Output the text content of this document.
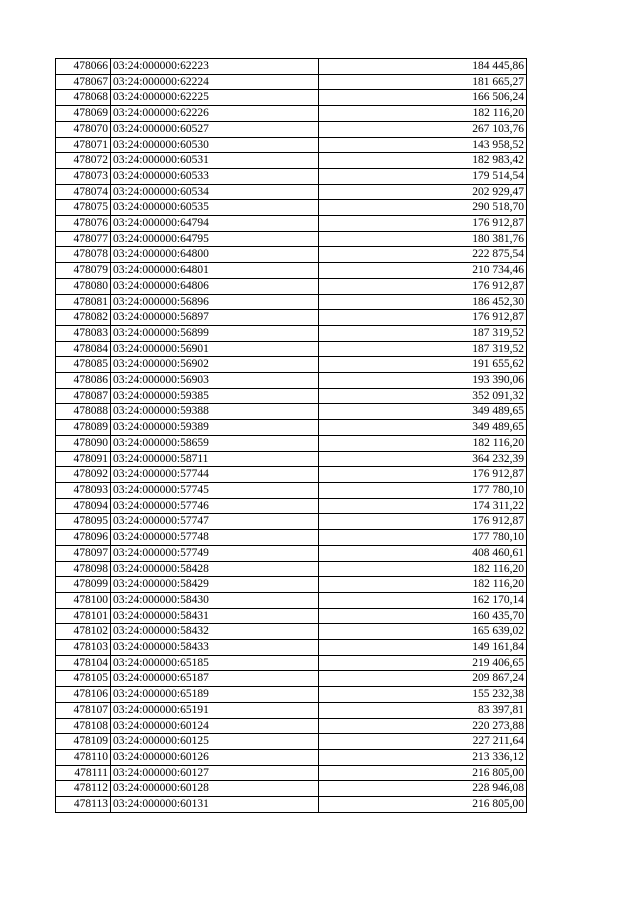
478066	03:24:000000:62223	184 445,86
478067	03:24:000000:62224	181 665,27
478068	03:24:000000:62225	166 506,24
478069	03:24:000000:62226	182 116,20
478070	03:24:000000:60527	267 103,76
478071	03:24:000000:60530	143 958,52
478072	03:24:000000:60531	182 983,42
478073	03:24:000000:60533	179 514,54
478074	03:24:000000:60534	202 929,47
478075	03:24:000000:60535	290 518,70
478076	03:24:000000:64794	176 912,87
478077	03:24:000000:64795	180 381,76
478078	03:24:000000:64800	222 875,54
478079	03:24:000000:64801	210 734,46
478080	03:24:000000:64806	176 912,87
478081	03:24:000000:56896	186 452,30
478082	03:24:000000:56897	176 912,87
478083	03:24:000000:56899	187 319,52
478084	03:24:000000:56901	187 319,52
478085	03:24:000000:56902	191 655,62
478086	03:24:000000:56903	193 390,06
478087	03:24:000000:59385	352 091,32
478088	03:24:000000:59388	349 489,65
478089	03:24:000000:59389	349 489,65
478090	03:24:000000:58659	182 116,20
478091	03:24:000000:58711	364 232,39
478092	03:24:000000:57744	176 912,87
478093	03:24:000000:57745	177 780,10
478094	03:24:000000:57746	174 311,22
478095	03:24:000000:57747	176 912,87
478096	03:24:000000:57748	177 780,10
478097	03:24:000000:57749	408 460,61
478098	03:24:000000:58428	182 116,20
478099	03:24:000000:58429	182 116,20
478100	03:24:000000:58430	162 170,14
478101	03:24:000000:58431	160 435,70
478102	03:24:000000:58432	165 639,02
478103	03:24:000000:58433	149 161,84
478104	03:24:000000:65185	219 406,65
478105	03:24:000000:65187	209 867,24
478106	03:24:000000:65189	155 232,38
478107	03:24:000000:65191	83 397,81
478108	03:24:000000:60124	220 273,88
478109	03:24:000000:60125	227 211,64
478110	03:24:000000:60126	213 336,12
478111	03:24:000000:60127	216 805,00
478112	03:24:000000:60128	228 946,08
478113	03:24:000000:60131	216 805,00
